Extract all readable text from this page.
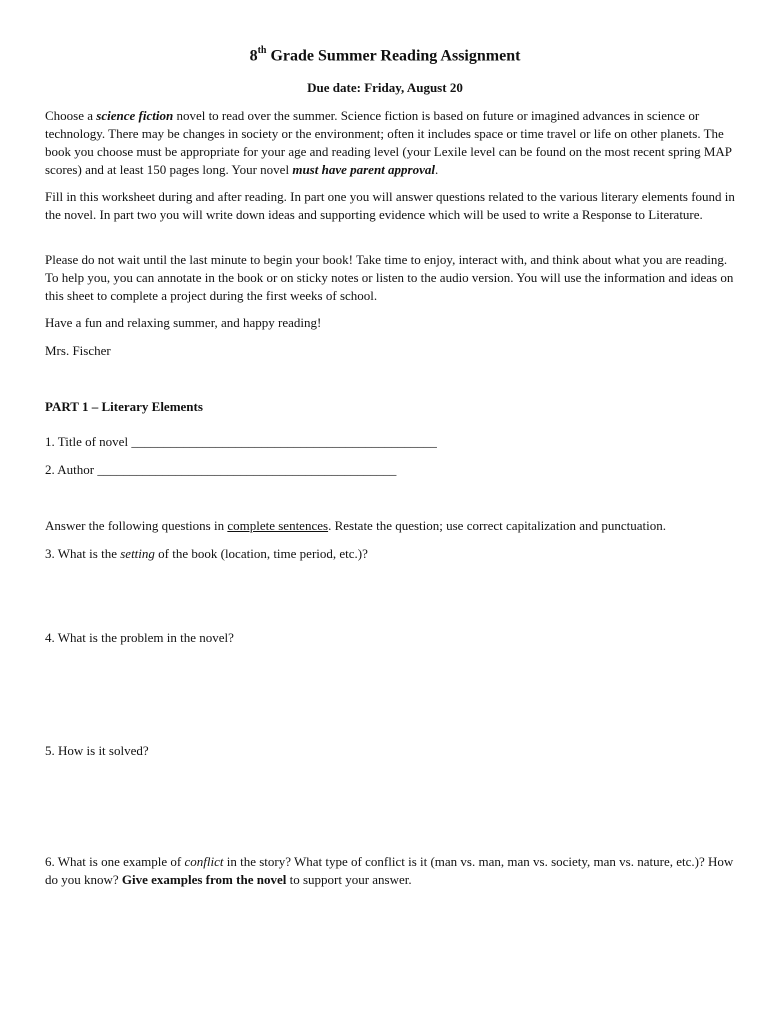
8th Grade Summer Reading Assignment
Due date: Friday, August 20

Choose a science fiction novel to read over the summer. Science fiction is based on future or imagined advances in science or technology. There may be changes in society or the environment; often it includes space or time travel or life on other planets. The book you choose must be appropriate for your age and reading level (your Lexile level can be found on the most recent spring MAP scores) and at least 150 pages long. Your novel must have parent approval.

Fill in this worksheet during and after reading. In part one you will answer questions related to the various literary elements found in the novel. In part two you will write down ideas and supporting evidence which will be used to write a Response to Literature.

Please do not wait until the last minute to begin your book! Take time to enjoy, interact with, and think about what you are reading. To help you, you can annotate in the book or on sticky notes or listen to the audio version. You will use the information and ideas on this sheet to complete a project during the first weeks of school.

Have a fun and relaxing summer, and happy reading!

Mrs. Fischer

PART 1 – Literary Elements

1. Title of novel _______________________________________________

2. Author ______________________________________________

Answer the following questions in complete sentences. Restate the question; use correct capitalization and punctuation.

3. What is the setting of the book (location, time period, etc.)?

4. What is the problem in the novel?

5. How is it solved?

6. What is one example of conflict in the story? What type of conflict is it (man vs. man, man vs. society, man vs. nature, etc.)? How do you know? Give examples from the novel to support your answer.
